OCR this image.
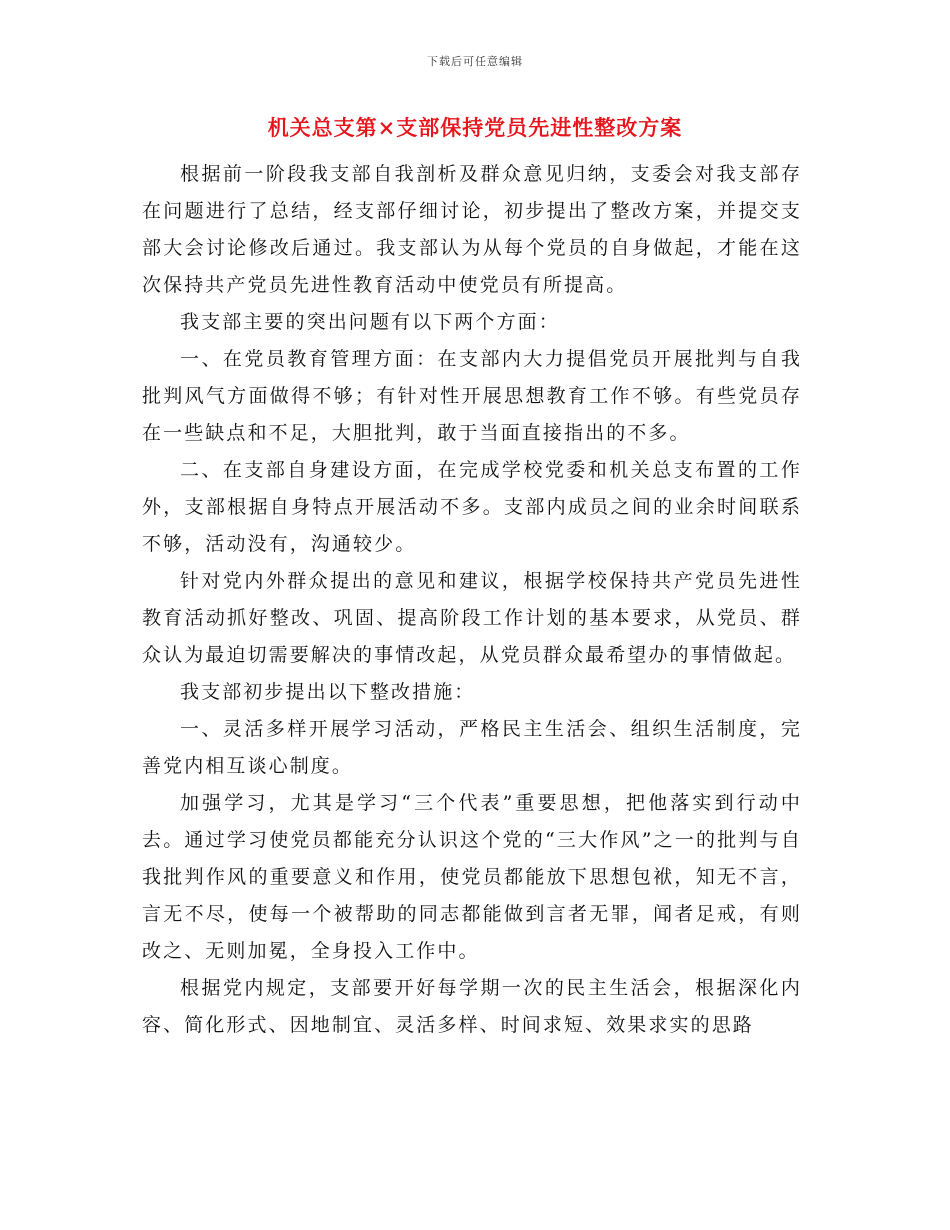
下载后可任意编辑
机关总支第×支部保持党员先进性整改方案

根据前一阶段我支部自我剖析及群众意见归纳，支委会对我支部存在问题进行了总结，经支部仔细讨论，初步提出了整改方案，并提交支部大会讨论修改后通过。我支部认为从每个党员的自身做起，才能在这次保持共产党员先进性教育活动中使党员有所提高。

我支部主要的突出问题有以下两个方面：

一、在党员教育管理方面：在支部内大力提倡党员开展批判与自我批判风气方面做得不够；有针对性开展思想教育工作不够。有些党员存在一些缺点和不足，大胆批判，敢于当面直接指出的不多。

二、在支部自身建设方面，在完成学校党委和机关总支布置的工作外，支部根据自身特点开展活动不多。支部内成员之间的业余时间联系不够，活动没有，沟通较少。

针对党内外群众提出的意见和建议，根据学校保持共产党员先进性教育活动抓好整改、巩固、提高阶段工作计划的基本要求，从党员、群众认为最迫切需要解决的事情改起，从党员群众最希望办的事情做起。

我支部初步提出以下整改措施：

一、灵活多样开展学习活动，严格民主生活会、组织生活制度，完善党内相互谈心制度。

加强学习，尤其是学习“三个代表”重要思想，把他落实到行动中去。通过学习使党员都能充分认识这个党的“三大作风”之一的批判与自我批判作风的重要意义和作用，使党员都能放下思想包袱，知无不言，言无不尽，使每一个被帮助的同志都能做到言者无罪，闻者足戒，有则改之、无则加冕，全身投入工作中。

根据党内规定，支部要开好每学期一次的民主生活会，根据深化内容、简化形式、因地制宜、灵活多样、时间求短、效果求实的思路
